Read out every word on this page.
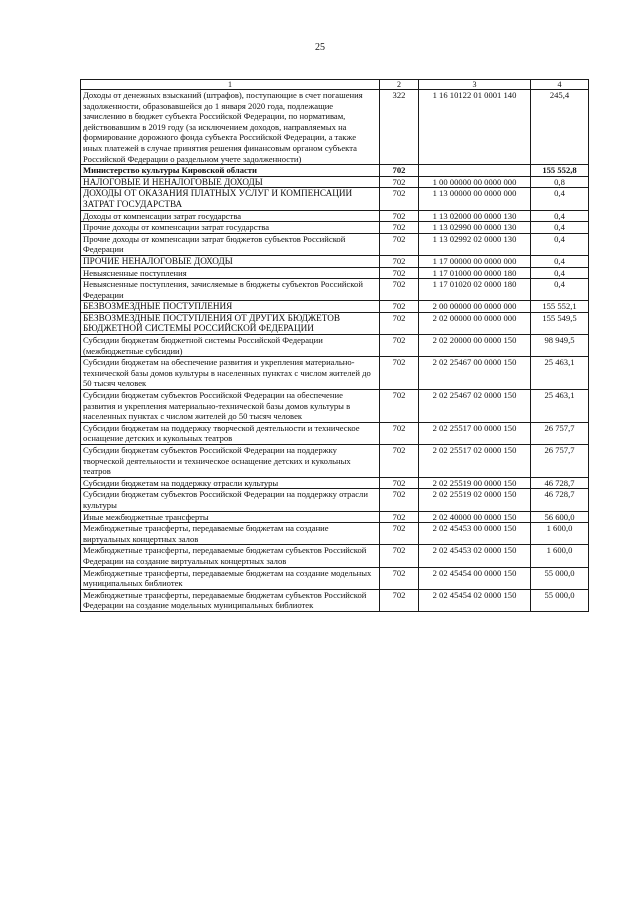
25
1	2	3	4
Доходы от денежных взысканий (штрафов), поступающие в счет погашения задолженности, образовавшейся до 1 января 2020 года, подлежащие зачислению в бюджет субъекта Российской Федерации, по нормативам, действовавшим в 2019 году (за исключением доходов, направляемых на формирование дорожного фонда субъекта Российской Федерации, а также иных платежей в случае принятия решения финансовым органом субъекта Российской Федерации о раздельном учете задолженности)	322	1 16 10122 01 0001 140	245,4
Министерство культуры Кировской области	702		155 552,8
НАЛОГОВЫЕ И НЕНАЛОГОВЫЕ ДОХОДЫ	702	1 00 00000 00 0000 000	0,8
ДОХОДЫ ОТ ОКАЗАНИЯ ПЛАТНЫХ УСЛУГ И КОМПЕНСАЦИИ ЗАТРАТ ГОСУДАРСТВА	702	1 13 00000 00 0000 000	0,4
Доходы от компенсации затрат государства	702	1 13 02000 00 0000 130	0,4
Прочие доходы от компенсации затрат государства	702	1 13 02990 00 0000 130	0,4
Прочие доходы от компенсации затрат бюджетов субъектов Российской Федерации	702	1 13 02992 02 0000 130	0,4
ПРОЧИЕ НЕНАЛОГОВЫЕ ДОХОДЫ	702	1 17 00000 00 0000 000	0,4
Невыясненные поступления	702	1 17 01000 00 0000 180	0,4
Невыясненные поступления, зачисляемые в бюджеты субъектов Российской Федерации	702	1 17 01020 02 0000 180	0,4
БЕЗВОЗМЕЗДНЫЕ ПОСТУПЛЕНИЯ	702	2 00 00000 00 0000 000	155 552,1
БЕЗВОЗМЕЗДНЫЕ ПОСТУПЛЕНИЯ ОТ ДРУГИХ БЮДЖЕТОВ БЮДЖЕТНОЙ СИСТЕМЫ РОССИЙСКОЙ ФЕДЕРАЦИИ	702	2 02 00000 00 0000 000	155 549,5
Субсидии бюджетам бюджетной системы Российской Федерации (межбюджетные субсидии)	702	2 02 20000 00 0000 150	98 949,5
Субсидии бюджетам на обеспечение развития и укрепления материально-технической базы домов культуры в населенных пунктах с числом жителей до 50 тысяч человек	702	2 02 25467 00 0000 150	25 463,1
Субсидии бюджетам субъектов Российской Федерации на обеспечение развития и укрепления материально-технической базы домов культуры в населенных пунктах с числом жителей до 50 тысяч человек	702	2 02 25467 02 0000 150	25 463,1
Субсидии бюджетам на поддержку творческой деятельности и техническое оснащение детских и кукольных театров	702	2 02 25517 00 0000 150	26 757,7
Субсидии бюджетам субъектов Российской Федерации на поддержку творческой деятельности и техническое оснащение детских и кукольных театров	702	2 02 25517 02 0000 150	26 757,7
Субсидии бюджетам на поддержку отрасли культуры	702	2 02 25519 00 0000 150	46 728,7
Субсидии бюджетам субъектов Российской Федерации на поддержку отрасли культуры	702	2 02 25519 02 0000 150	46 728,7
Иные межбюджетные трансферты	702	2 02 40000 00 0000 150	56 600,0
Межбюджетные трансферты, передаваемые бюджетам на создание виртуальных концертных залов	702	2 02 45453 00 0000 150	1 600,0
Межбюджетные трансферты, передаваемые бюджетам субъектов Российской Федерации на создание виртуальных концертных залов	702	2 02 45453 02 0000 150	1 600,0
Межбюджетные трансферты, передаваемые бюджетам на создание модельных муниципальных библиотек	702	2 02 45454 00 0000 150	55 000,0
Межбюджетные трансферты, передаваемые бюджетам субъектов Российской Федерации на создание модельных муниципальных библиотек	702	2 02 45454 02 0000 150	55 000,0
